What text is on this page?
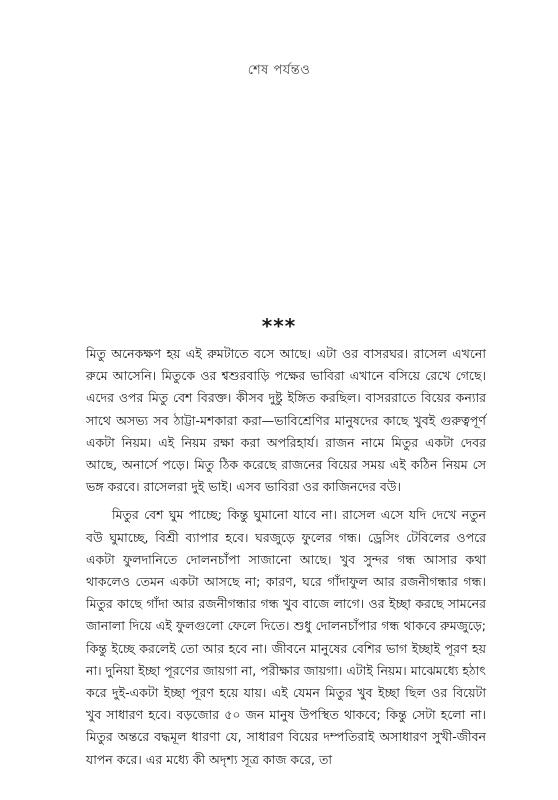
শেষ পর্যন্তও
***

মিতু অনেকক্ষণ হয় এই রুমটাতে বসে আছে। এটা ওর বাসরঘর। রাসেল এখনো রুমে আসেনি। মিতুকে ওর শ্বশুরবাড়ি পক্ষের ভাবিরা এখানে বসিয়ে রেখে গেছে। এদের ওপর মিতু বেশ বিরক্ত। কীসব দুষ্টু ইঙ্গিত করছিল। বাসররাতে বিয়ের কন্যার সাথে অসভ্য সব ঠাট্টা-মশকারা করা—ভাবিশ্রেণির মানুষদের কাছে খুবই গুরুত্বপূর্ণ একটা নিয়ম। এই নিয়ম রক্ষা করা অপরিহার্য। রাজন নামে মিতুর একটা দেবর আছে, অনার্সে পড়ে। মিতু ঠিক করেছে রাজনের বিয়ের সময় এই কঠিন নিয়ম সে ভঙ্গ করবে। রাসেলরা দুই ভাই। এসব ভাবিরা ওর কাজিনদের বউ।

মিতুর বেশ ঘুম পাচ্ছে; কিন্তু ঘুমানো যাবে না। রাসেল এসে যদি দেখে নতুন বউ ঘুমাচ্ছে, বিশ্রী ব্যাপার হবে। ঘরজুড়ে ফুলের গন্ধ। ড্রেসিং টেবিলের ওপরে একটা ফুলদানিতে দোলনচাঁপা সাজানো আছে। খুব সুন্দর গন্ধ আসার কথা থাকলেও তেমন একটা আসছে না; কারণ, ঘরে গাঁদাফুল আর রজনীগন্ধার গন্ধ। মিতুর কাছে গাঁদা আর রজনীগন্ধার গন্ধ খুব বাজে লাগে। ওর ইচ্ছা করছে সামনের জানালা দিয়ে এই ফুলগুলো ফেলে দিতে। শুধু দোলনচাঁপার গন্ধ থাকবে রুমজুড়ে; কিন্তু ইচ্ছে করলেই তো আর হবে না। জীবনে মানুষের বেশির ভাগ ইচ্ছাই পূরণ হয় না। দুনিয়া ইচ্ছা পূরণের জায়গা না, পরীক্ষার জায়গা। এটাই নিয়ম। মাঝেমধ্যে হঠাৎ করে দুই-একটা ইচ্ছা পূরণ হয়ে যায়। এই যেমন মিতুর খুব ইচ্ছা ছিল ওর বিয়েটা খুব সাধারণ হবে। বড়জোর ৫০ জন মানুষ উপস্থিত থাকবে; কিন্তু সেটা হলো না। মিতুর অন্তরে বদ্ধমূল ধারণা যে, সাধারণ বিয়ের দম্পতিরাই অসাধারণ সুখী-জীবন যাপন করে। এর মধ্যে কী অদৃশ্য সূত্র কাজ করে, তা
